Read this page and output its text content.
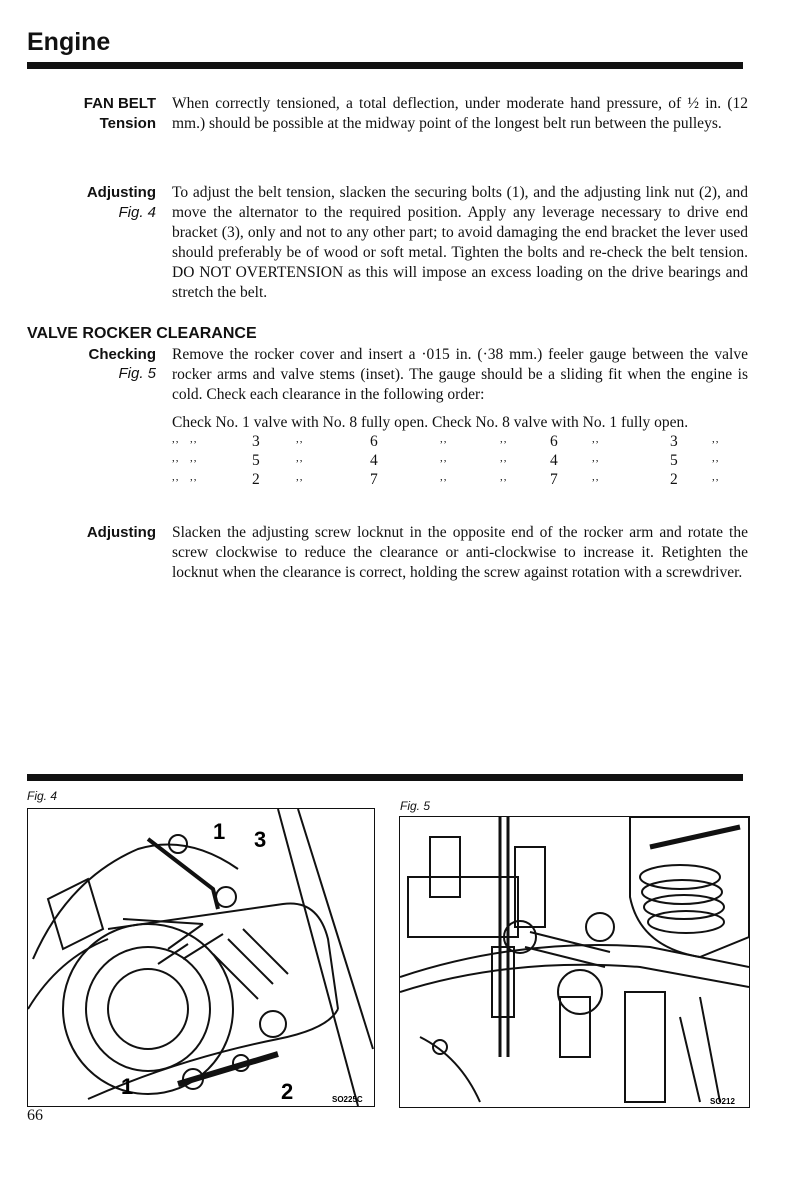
Engine
FAN BELT
Tension
When correctly tensioned, a total deflection, under moderate hand pressure, of ½ in. (12 mm.) should be possible at the midway point of the longest belt run between the pulleys.
Adjusting
Fig. 4
To adjust the belt tension, slacken the securing bolts (1), and the adjusting link nut (2), and move the alternator to the required position. Apply any leverage necessary to drive end bracket (3), only and not to any other part; to avoid damaging the end bracket the lever used should preferably be of wood or soft metal. Tighten the bolts and re-check the belt tension. DO NOT OVERTENSION as this will impose an excess loading on the drive bearings and stretch the belt.
VALVE ROCKER CLEARANCE
Checking
Fig. 5
Remove the rocker cover and insert a ·015 in. (·38 mm.) feeler gauge between the valve rocker arms and valve stems (inset). The gauge should be a sliding fit when the engine is cold. Check each clearance in the following order:
Check No. 1 valve with No. 8 fully open. Check No. 8 valve with No. 1 fully open.										
,,	,,	3	,,	6	,,	,,	6	,,	3	,,
,,	,,	5	,,	4	,,	,,	4	,,	5	,,
,,	,,	2	,,	7	,,	,,	7	,,	2	,,
Adjusting Slacken the adjusting screw locknut in the opposite end of the rocker arm and rotate the screw clockwise to reduce the clearance or anti-clockwise to increase it. Retighten the locknut when the clearance is correct, holding the screw against rotation with a screwdriver.
Fig. 4
1 3
1	2	SO225C
Fig. 5
SO212
66
